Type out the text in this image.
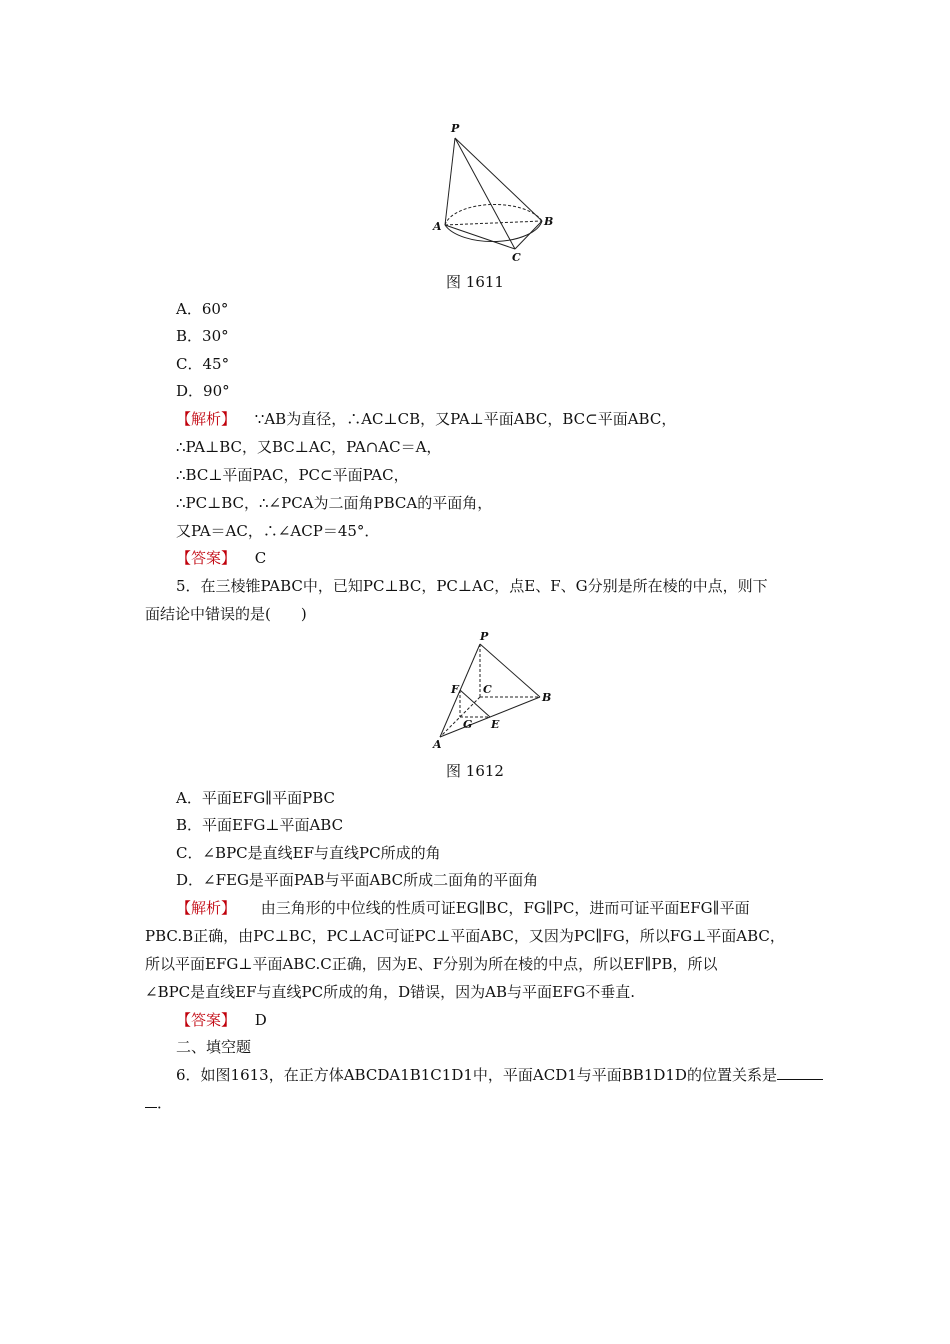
P
A	B
C
图 1611
A．60°
B．30°
C．45°
D．90°
【解析】 ∵AB为直径，∴AC⊥CB，又PA⊥平面ABC，BC⊂平面ABC，
∴PA⊥BC，又BC⊥AC，PA∩AC＝A，
∴BC⊥平面PAC，PC⊂平面PAC，
∴PC⊥BC，∴∠PCA为二面角PBCA的平面角，
又PA＝AC，∴∠ACP＝45°．
【答案】 C
5．在三棱锥PABC中，已知PC⊥BC，PC⊥AC，点E、F、G分别是所在棱的中点，则下
面结论中错误的是(　　)
P
F C
B
G E
A
图 1612
A．平面EFG∥平面PBC
B．平面EFG⊥平面ABC
C．∠BPC是直线EF与直线PC所成的角
D．∠FEG是平面PAB与平面ABC所成二面角的平面角
【解析】 由三角形的中位线的性质可证EG∥BC，FG∥PC，进而可证平面EFG∥平面
PBC.B正确，由PC⊥BC，PC⊥AC可证PC⊥平面ABC，又因为PC∥FG，所以FG⊥平面ABC，
所以平面EFG⊥平面ABC.C正确，因为E、F分别为所在棱的中点，所以EF∥PB，所以
∠BPC是直线EF与直线PC所成的角，D错误，因为AB与平面EFG不垂直.
【答案】 D
二、填空题
6．如图1613，在正方体ABCDA1B1C1D1中，平面ACD1与平面BB1D1D的位置关系是
．
